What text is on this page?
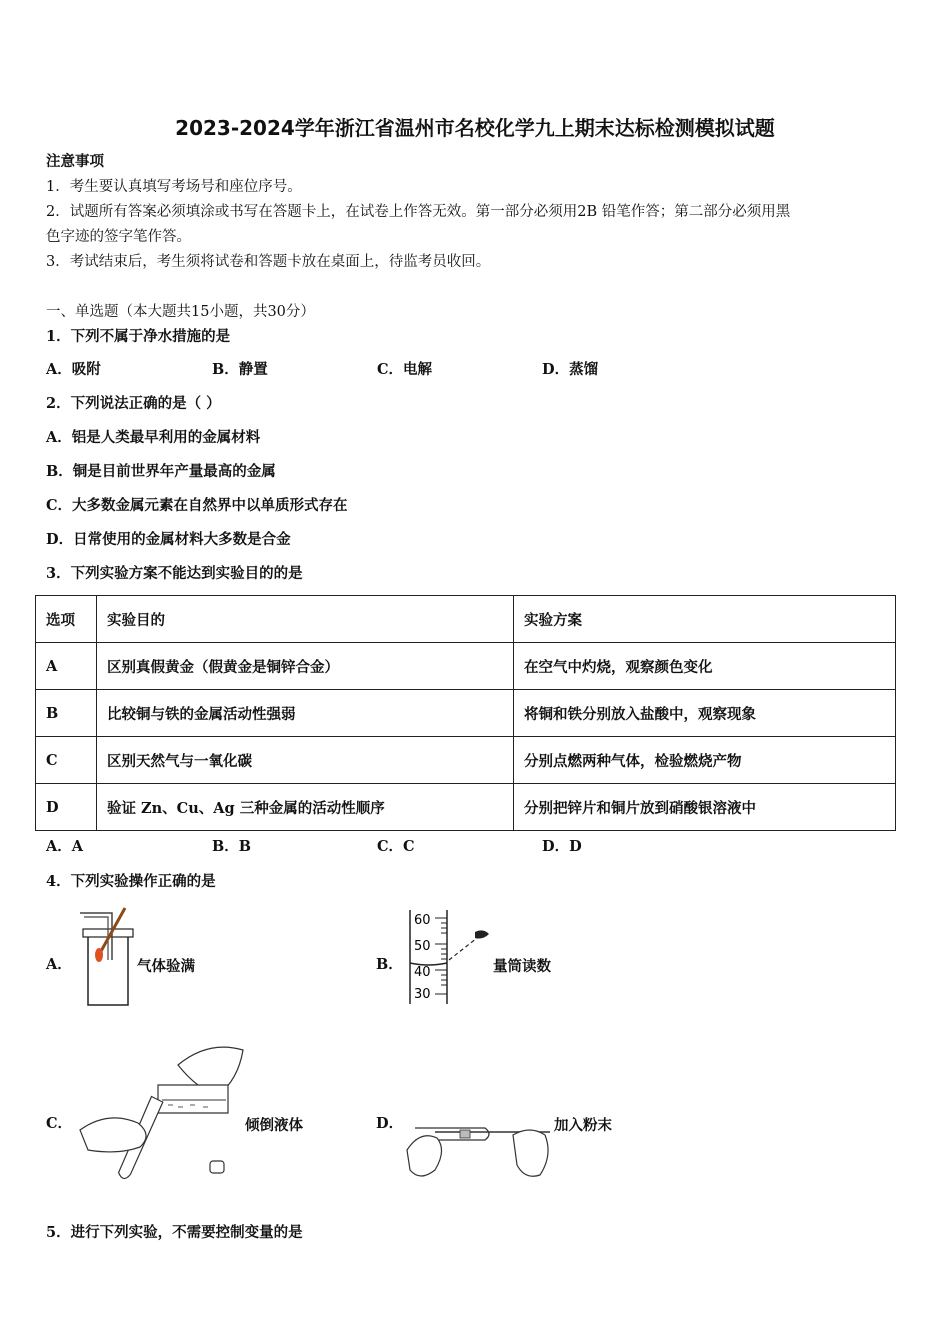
2023-2024学年浙江省温州市名校化学九上期末达标检测模拟试题
注意事项
1．考生要认真填写考场号和座位序号。
2．试题所有答案必须填涂或书写在答题卡上，在试卷上作答无效。第一部分必须用2B 铅笔作答；第二部分必须用黑
色字迹的签字笔作答。
3．考试结束后，考生须将试卷和答题卡放在桌面上，待监考员收回。
一、单选题（本大题共15小题，共30分）
1．下列不属于净水措施的是
A．吸附	B．静置	C．电解	D．蒸馏
2．下列说法正确的是（ ）
A．铝是人类最早利用的金属材料
B．铜是目前世界年产量最高的金属
C．大多数金属元素在自然界中以单质形式存在
D．日常使用的金属材料大多数是合金
3．下列实验方案不能达到实验目的的是
选项	实验目的	实验方案
A	区别真假黄金（假黄金是铜锌合金）	在空气中灼烧，观察颜色变化
B	比较铜与铁的金属活动性强弱	将铜和铁分别放入盐酸中，观察现象
C	区别天然气与一氧化碳	分别点燃两种气体，检验燃烧产物
D	验证 Zn、Cu、Ag 三种金属的活动性顺序	分别把锌片和铜片放到硝酸银溶液中
A．A	B．B	C．C	D．D
4．下列实验操作正确的是
A．	气体验满	B．
60
50
40
30
量筒读数
C．	倾倒液体	D．	加入粉末
5．进行下列实验，不需要控制变量的是
